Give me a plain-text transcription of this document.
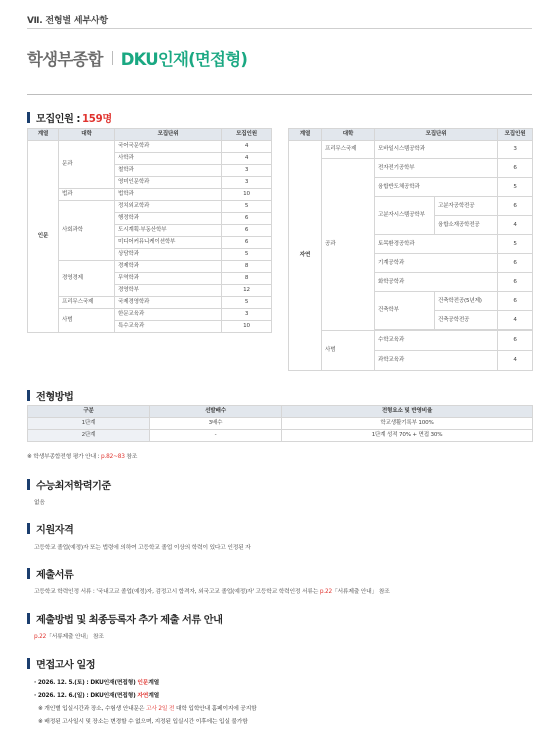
Ⅶ. 전형별 세부사항
학생부종합 DKU인재(면접형)
모집인원 : 159명
계열	대학	모집단위	모집인원
인문	문과	국어국문학과	4
		사학과	4
		철학과	3
		영미인문학과	3
	법과	법학과	10
	사회과학	정치외교학과	5
		행정학과	6
		도시계획·부동산학부	6
		미디어커뮤니케이션학부	6
		상담학과	5
	경영경제	경제학과	8
		무역학과	8
		경영학부	12
	프리무스국제	국제경영학과	5
	사범	한문교육과	3
		특수교육과	10
계열	대학	모집단위		모집인원
자연	프리무스국제	모바일시스템공학과		3
	공과	전자전기공학부		6
		융합반도체공학과		5
		고분자시스템공학부	고분자공학전공	6
			융합소재공학전공	4
		토목환경공학과		5
		기계공학과		6
		화학공학과		6
		건축학부	건축학전공(5년제)	6
			건축공학전공	4

	사범	수학교육과		6
		과학교육과		4
전형방법
구분	선발배수	전형요소 및 반영비율
1단계	3배수	학교생활기록부 100%
2단계	-	1단계 성적 70% + 면접 30%
※ 학생부종합전형 평가 안내 : p.82~83 참조
수능최저학력기준
없음
지원자격
고등학교 졸업(예정)자 또는 법령에 의하여 고등학교 졸업 이상의 학력이 있다고 인정된 자
제출서류
고등학교 학력인정 서류 : '국내고교 졸업(예정)자, 검정고시 합격자, 외국고교 졸업(예정)자' 고등학교 학력인정 서류는 p.22「서류제출 안내」 참조
제출방법 및 최종등록자 추가 제출 서류 안내
p.22「서류제출 안내」 참조
면접고사 일정
· 2026. 12. 5.(토) : DKU인재(면접형) 인문계열
· 2026. 12. 6.(일) : DKU인재(면접형) 자연계열
※ 개인별 입실시간과 장소, 수험생 안내문은 고사 2일 전 대학 입학안내 홈페이지에 공지함
※ 배정된 고사일시 및 장소는 변경할 수 없으며, 지정된 입실시간 이후에는 입실 불가함
